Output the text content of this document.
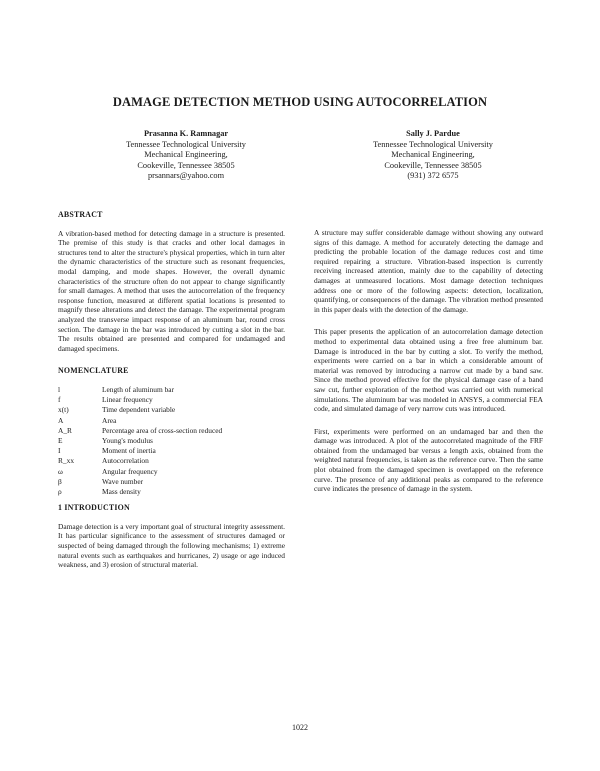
DAMAGE DETECTION METHOD USING AUTOCORRELATION
Prasanna K. Ramnagar
Tennessee Technological University
Mechanical Engineering,
Cookeville, Tennessee 38505
prsannars@yahoo.com
Sally J. Pardue
Tennessee Technological University
Mechanical Engineering,
Cookeville, Tennessee 38505
(931) 372 6575
ABSTRACT
A vibration-based method for detecting damage in a structure is presented. The premise of this study is that cracks and other local damages in structures tend to alter the structure's physical properties, which in turn alter the dynamic characteristics of the structure such as resonant frequencies, modal damping, and mode shapes. However, the overall dynamic characteristics of the structure often do not appear to change significantly for small damages. A method that uses the autocorrelation of the frequency response function, measured at different spatial locations is presented to magnify these alterations and detect the damage. The experimental program analyzed the transverse impact response of an aluminum bar, round cross section. The damage in the bar was introduced by cutting a slot in the bar. The results obtained are presented and compared for undamaged and damaged specimens.
NOMENCLATURE
l	Length of aluminum bar
f	Linear frequency
x(t)	Time dependent variable
A	Area
A_R	Percentage area of cross-section reduced
E	Young's modulus
I	Moment of inertia
R_xx	Autocorrelation
ω	Angular frequency
β	Wave number
ρ	Mass density
1 INTRODUCTION
Damage detection is a very important goal of structural integrity assessment. It has particular significance to the assessment of structures damaged or suspected of being damaged through the following mechanisms; 1) extreme natural events such as earthquakes and hurricanes, 2) usage or age induced weakness, and 3) erosion of structural material.
A structure may suffer considerable damage without showing any outward signs of this damage. A method for accurately detecting the damage and predicting the probable location of the damage reduces cost and time required repairing a structure. Vibration-based inspection is currently receiving increased attention, mainly due to the capability of detecting damages at unmeasured locations. Most damage detection techniques address one or more of the following aspects: detection, localization, quantifying, or consequences of the damage. The vibration method presented in this paper deals with the detection of the damage.
This paper presents the application of an autocorrelation damage detection method to experimental data obtained using a free free aluminum bar. Damage is introduced in the bar by cutting a slot. To verify the method, experiments were carried on a bar in which a considerable amount of material was removed by introducing a narrow cut made by a band saw. Since the method proved effective for the physical damage case of a band saw cut, further exploration of the method was carried out with numerical simulations. The aluminum bar was modeled in ANSYS, a commercial FEA code, and simulated damage of very narrow cuts was introduced.
First, experiments were performed on an undamaged bar and then the damage was introduced. A plot of the autocorrelated magnitude of the FRF obtained from the undamaged bar versus a length axis, obtained from the weighted natural frequencies, is taken as the reference curve. Then the same plot obtained from the damaged specimen is overlapped on the reference curve. The presence of any additional peaks as compared to the reference curve indicates the presence of damage in the system.
1022
